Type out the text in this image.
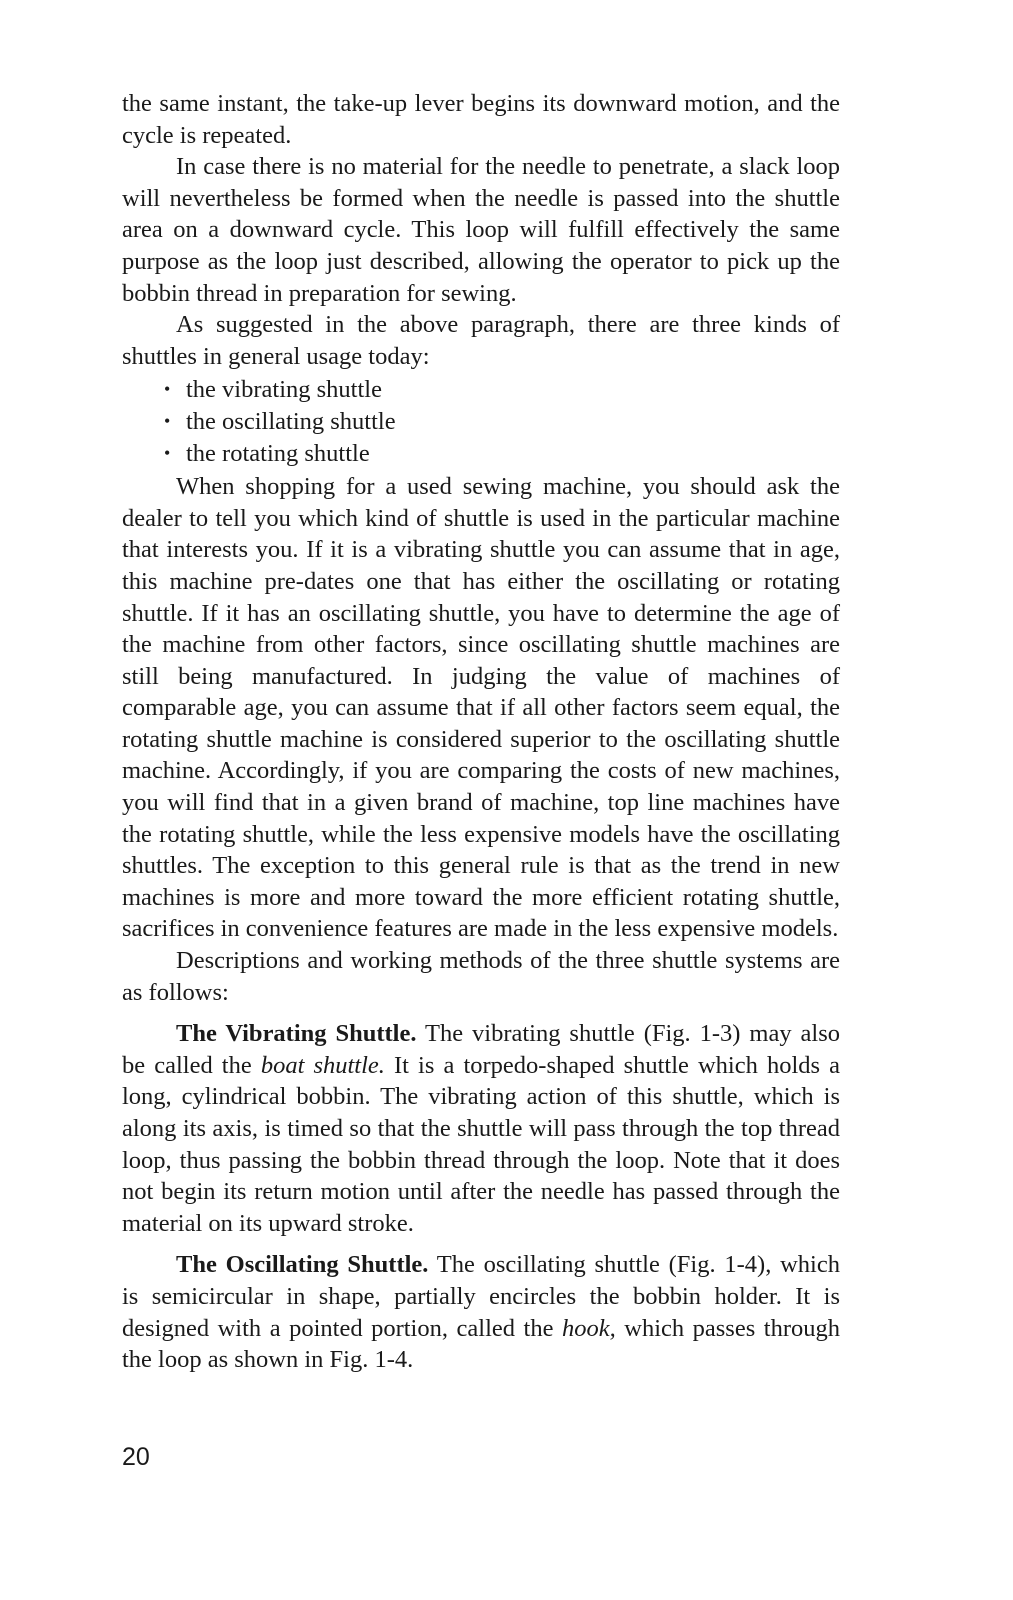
the same instant, the take-up lever begins its downward motion, and the cycle is repeated.

In case there is no material for the needle to penetrate, a slack loop will nevertheless be formed when the needle is passed into the shuttle area on a downward cycle. This loop will fulfill effectively the same purpose as the loop just described, allowing the operator to pick up the bobbin thread in preparation for sewing.

As suggested in the above paragraph, there are three kinds of shuttles in general usage today:

• the vibrating shuttle
• the oscillating shuttle
• the rotating shuttle

When shopping for a used sewing machine, you should ask the dealer to tell you which kind of shuttle is used in the particular machine that interests you. If it is a vibrating shuttle you can assume that in age, this machine pre-dates one that has either the oscillating or rotating shuttle. If it has an oscillating shuttle, you have to determine the age of the machine from other factors, since oscillating shuttle machines are still being manufactured. In judging the value of machines of comparable age, you can assume that if all other factors seem equal, the rotating shuttle machine is considered superior to the oscillating shuttle machine. Accordingly, if you are comparing the costs of new machines, you will find that in a given brand of machine, top line machines have the rotating shuttle, while the less expensive models have the oscillating shuttles. The exception to this general rule is that as the trend in new machines is more and more toward the more efficient rotating shuttle, sacrifices in convenience features are made in the less expensive models.

Descriptions and working methods of the three shuttle systems are as follows:

The Vibrating Shuttle. The vibrating shuttle (Fig. 1-3) may also be called the boat shuttle. It is a torpedo-shaped shuttle which holds a long, cylindrical bobbin. The vibrating action of this shuttle, which is along its axis, is timed so that the shuttle will pass through the top thread loop, thus passing the bobbin thread through the loop. Note that it does not begin its return motion until after the needle has passed through the material on its upward stroke.

The Oscillating Shuttle. The oscillating shuttle (Fig. 1-4), which is semicircular in shape, partially encircles the bobbin holder. It is designed with a pointed portion, called the hook, which passes through the loop as shown in Fig. 1-4.

20
